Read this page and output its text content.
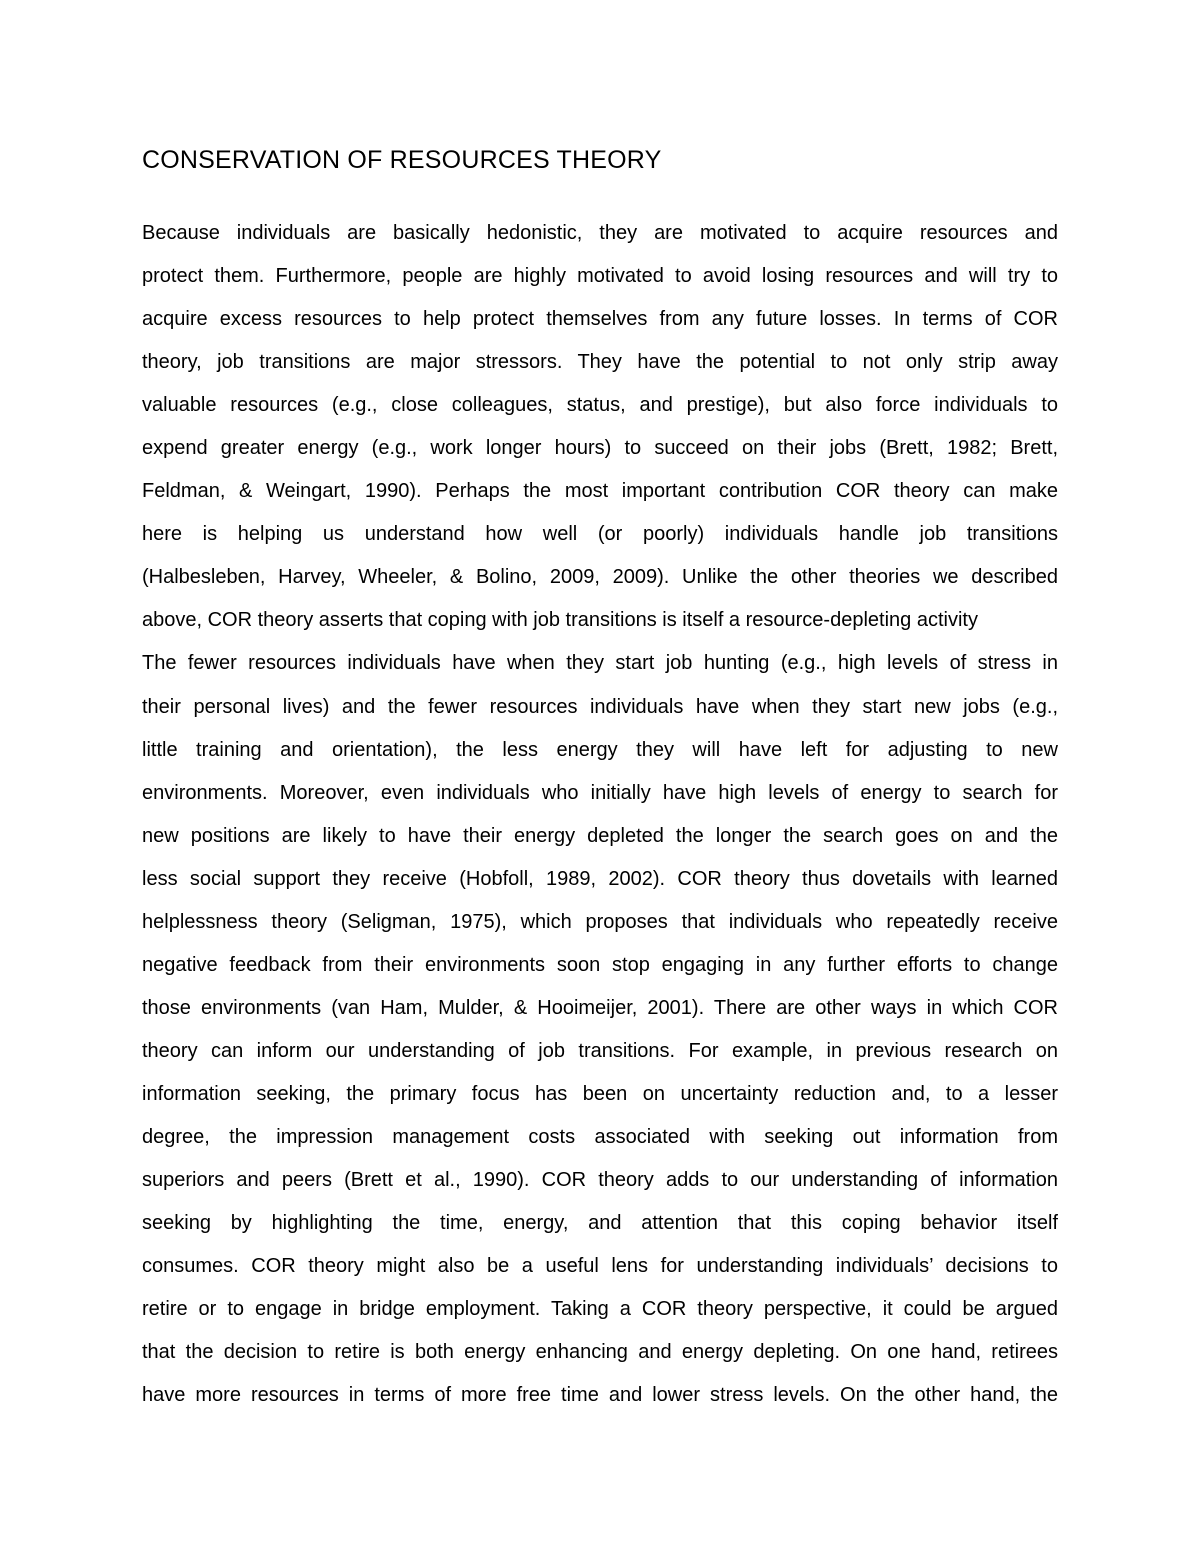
CONSERVATION OF RESOURCES THEORY
Because individuals are basically hedonistic, they are motivated to acquire resources and
protect them. Furthermore, people are highly motivated to avoid losing resources and will try to
acquire excess resources to help protect themselves from any future losses. In terms of COR
theory, job transitions are major stressors. They have the potential to not only strip away
valuable resources (e.g., close colleagues, status, and prestige), but also force individuals to
expend greater energy (e.g., work longer hours) to succeed on their jobs (Brett, 1982; Brett,
Feldman, & Weingart, 1990). Perhaps the most important contribution COR theory can make
here is helping us understand how well (or poorly) individuals handle job transitions
(Halbesleben, Harvey, Wheeler, & Bolino, 2009, 2009). Unlike the other theories we described
above, COR theory asserts that coping with job transitions is itself a resource-depleting activity
The fewer resources individuals have when they start job hunting (e.g., high levels of stress in
their personal lives) and the fewer resources individuals have when they start new jobs (e.g.,
little training and orientation), the less energy they will have left for adjusting to new
environments. Moreover, even individuals who initially have high levels of energy to search for
new positions are likely to have their energy depleted the longer the search goes on and the
less social support they receive (Hobfoll, 1989, 2002). COR theory thus dovetails with learned
helplessness theory (Seligman, 1975), which proposes that individuals who repeatedly receive
negative feedback from their environments soon stop engaging in any further efforts to change
those environments (van Ham, Mulder, & Hooimeijer, 2001). There are other ways in which COR
theory can inform our understanding of job transitions. For example, in previous research on
information seeking, the primary focus has been on uncertainty reduction and, to a lesser
degree, the impression management costs associated with seeking out information from
superiors and peers (Brett et al., 1990). COR theory adds to our understanding of information
seeking by highlighting the time, energy, and attention that this coping behavior itself
consumes. COR theory might also be a useful lens for understanding individuals’ decisions to
retire or to engage in bridge employment. Taking a COR theory perspective, it could be argued
that the decision to retire is both energy enhancing and energy depleting. On one hand, retirees
have more resources in terms of more free time and lower stress levels. On the other hand, the
